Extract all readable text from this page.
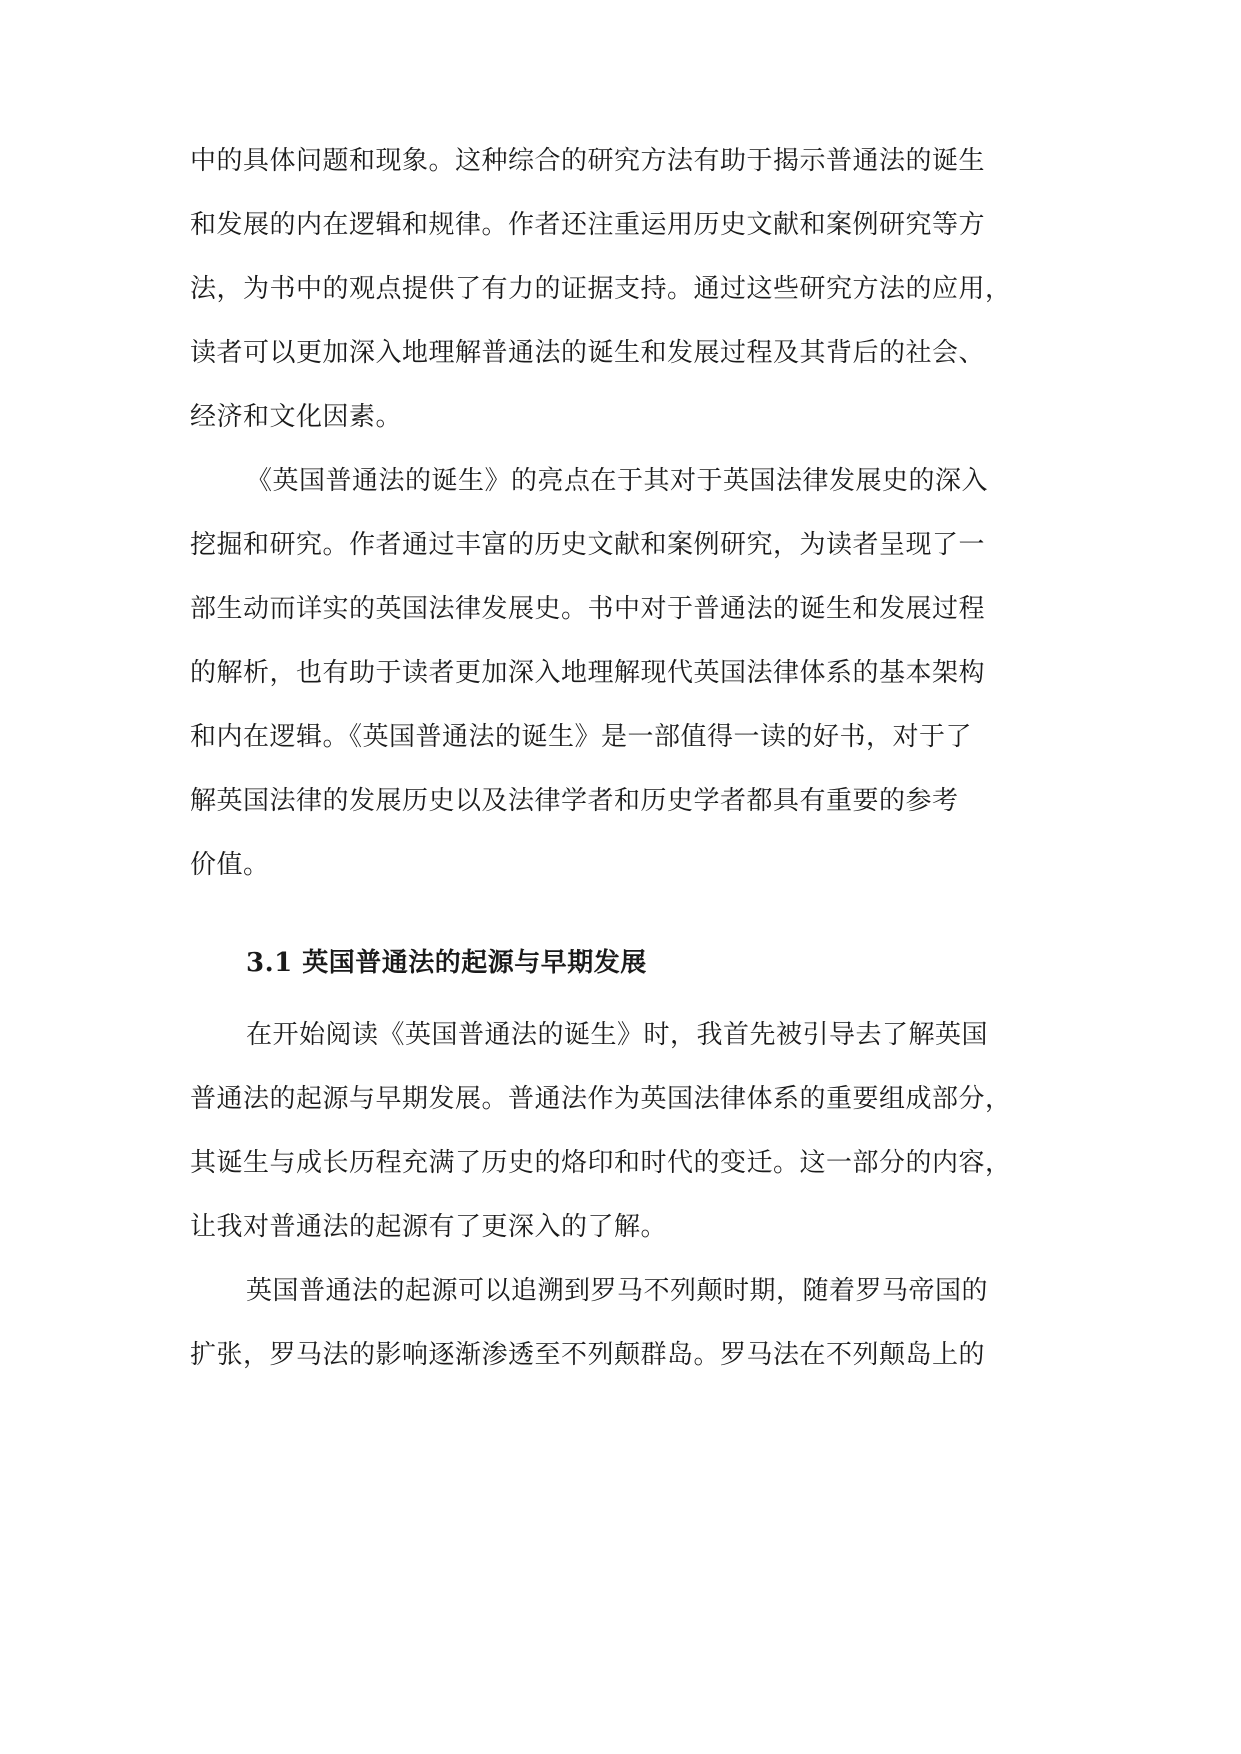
中的具体问题和现象。这种综合的研究方法有助于揭示普通法的诞生
和发展的内在逻辑和规律。作者还注重运用历史文献和案例研究等方
法，为书中的观点提供了有力的证据支持。通过这些研究方法的应用，
读者可以更加深入地理解普通法的诞生和发展过程及其背后的社会、
经济和文化因素。
《英国普通法的诞生》的亮点在于其对于英国法律发展史的深入
挖掘和研究。作者通过丰富的历史文献和案例研究，为读者呈现了一
部生动而详实的英国法律发展史。书中对于普通法的诞生和发展过程
的解析，也有助于读者更加深入地理解现代英国法律体系的基本架构
和内在逻辑。《英国普通法的诞生》是一部值得一读的好书，对于了
解英国法律的发展历史以及法律学者和历史学者都具有重要的参考
价值。
3.1 英国普通法的起源与早期发展
在开始阅读《英国普通法的诞生》时，我首先被引导去了解英国
普通法的起源与早期发展。普通法作为英国法律体系的重要组成部分，
其诞生与成长历程充满了历史的烙印和时代的变迁。这一部分的内容，
让我对普通法的起源有了更深入的了解。
英国普通法的起源可以追溯到罗马不列颠时期，随着罗马帝国的
扩张，罗马法的影响逐渐渗透至不列颠群岛。罗马法在不列颠岛上的
